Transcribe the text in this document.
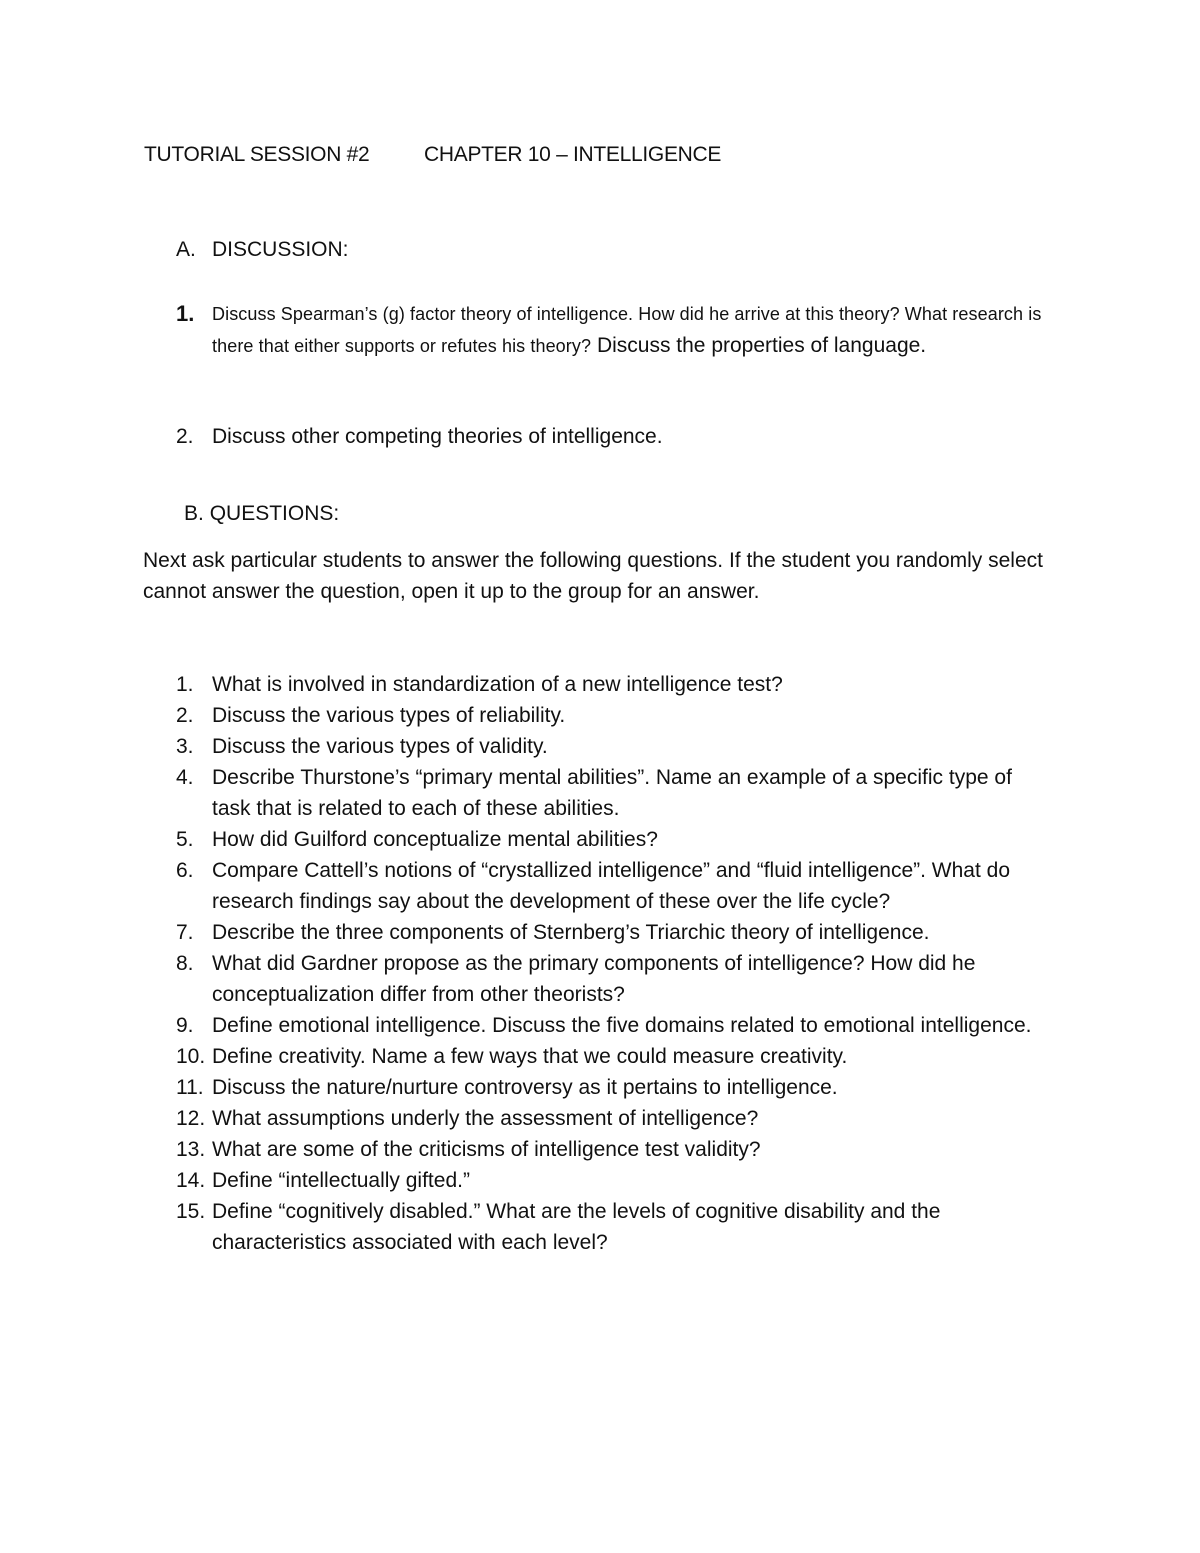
TUTORIAL SESSION #2	CHAPTER 10 – INTELLIGENCE
A. DISCUSSION:
1. Discuss Spearman’s (g) factor theory of intelligence. How did he arrive at this theory? What research is there that either supports or refutes his theory? Discuss the properties of language.
2. Discuss other competing theories of intelligence.
B. QUESTIONS:
Next ask particular students to answer the following questions. If the student you randomly select cannot answer the question, open it up to the group for an answer.
1. What is involved in standardization of a new intelligence test?
2. Discuss the various types of reliability.
3. Discuss the various types of validity.
4. Describe Thurstone’s “primary mental abilities”. Name an example of a specific type of task that is related to each of these abilities.
5. How did Guilford conceptualize mental abilities?
6. Compare Cattell’s notions of “crystallized intelligence” and “fluid intelligence”. What do research findings say about the development of these over the life cycle?
7. Describe the three components of Sternberg’s Triarchic theory of intelligence.
8. What did Gardner propose as the primary components of intelligence? How did he conceptualization differ from other theorists?
9. Define emotional intelligence. Discuss the five domains related to emotional intelligence.
10. Define creativity. Name a few ways that we could measure creativity.
11. Discuss the nature/nurture controversy as it pertains to intelligence.
12. What assumptions underly the assessment of intelligence?
13. What are some of the criticisms of intelligence test validity?
14. Define “intellectually gifted.”
15. Define “cognitively disabled.” What are the levels of cognitive disability and the characteristics associated with each level?
